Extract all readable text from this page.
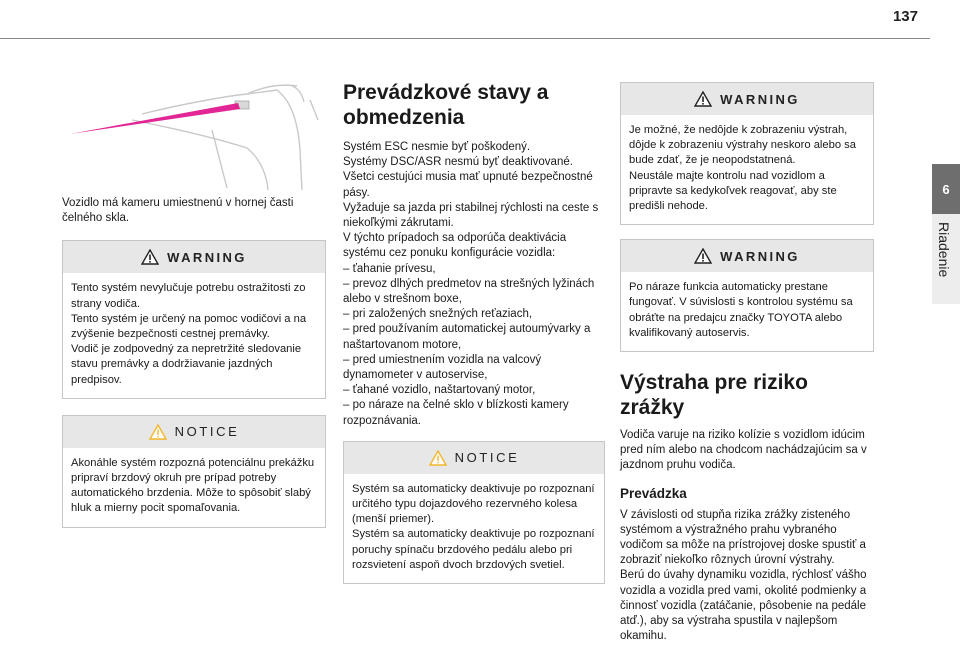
137
6
Riadenie

Vozidlo má kameru umiestnenú v hornej časti čelného skla.

WARNING

Tento systém nevylučuje potrebu ostražitosti zo strany vodiča.

Tento systém je určený na pomoc vodičovi a na zvýšenie bezpečnosti cestnej premávky.

Vodič je zodpovedný za nepretržité sledovanie stavu premávky a dodržiavanie jazdných predpisov.

NOTICE

Akonáhle systém rozpozná potenciálnu prekážku pripraví brzdový okruh pre prípad potreby automatického brzdenia. Môže to spôsobiť slabý hluk a mierny pocit spomaľovania.

Prevádzkové stavy a obmedzenia

Systém ESC nesmie byť poškodený.

Systémy DSC/ASR nesmú byť deaktivované.

Všetci cestujúci musia mať upnuté bezpečnostné pásy.

Vyžaduje sa jazda pri stabilnej rýchlosti na ceste s niekoľkými zákrutami.

V týchto prípadoch sa odporúča deaktivácia systému cez ponuku konfigurácie vozidla:

– ťahanie prívesu,

– prevoz dlhých predmetov na strešných lyžinách alebo v strešnom boxe,

– pri založených snežných reťaziach,

– pred používaním automatickej autoumývarky a naštartovanom motore,

– pred umiestnením vozidla na valcový dynamometer v autoservise,

– ťahané vozidlo, naštartovaný motor,

– po náraze na čelné sklo v blízkosti kamery rozpoznávania.

NOTICE

Systém sa automaticky deaktivuje po rozpoznaní určitého typu dojazdového rezervného kolesa (menší priemer).

Systém sa automaticky deaktivuje po rozpoznaní poruchy spínaču brzdového pedálu alebo pri rozsvietení aspoň dvoch brzdových svetiel.

WARNING

Je možné, že nedôjde k zobrazeniu výstrah, dôjde k zobrazeniu výstrahy neskoro alebo sa bude zdať, že je neopodstatnená.

Neustále majte kontrolu nad vozidlom a pripravte sa kedykoľvek reagovať, aby ste predišli nehode.

WARNING

Po náraze funkcia automaticky prestane fungovať. V súvislosti s kontrolou systému sa obráťte na predajcu značky TOYOTA alebo kvalifikovaný autoservis.

Výstraha pre riziko zrážky

Vodiča varuje na riziko kolízie s vozidlom idúcim pred ním alebo na chodcom nachádzajúcim sa v jazdnom pruhu vodiča.

Prevádzka

V závislosti od stupňa rizika zrážky zisteného systémom a výstražného prahu vybraného vodičom sa môže na prístrojovej doske spustiť a zobraziť niekoľko rôznych úrovní výstrahy.

Berú do úvahy dynamiku vozidla, rýchlosť vášho vozidla a vozidla pred vami, okolité podmienky a činnosť vozidla (zatáčanie, pôsobenie na pedále atď.), aby sa výstraha spustila v najlepšom okamihu.
